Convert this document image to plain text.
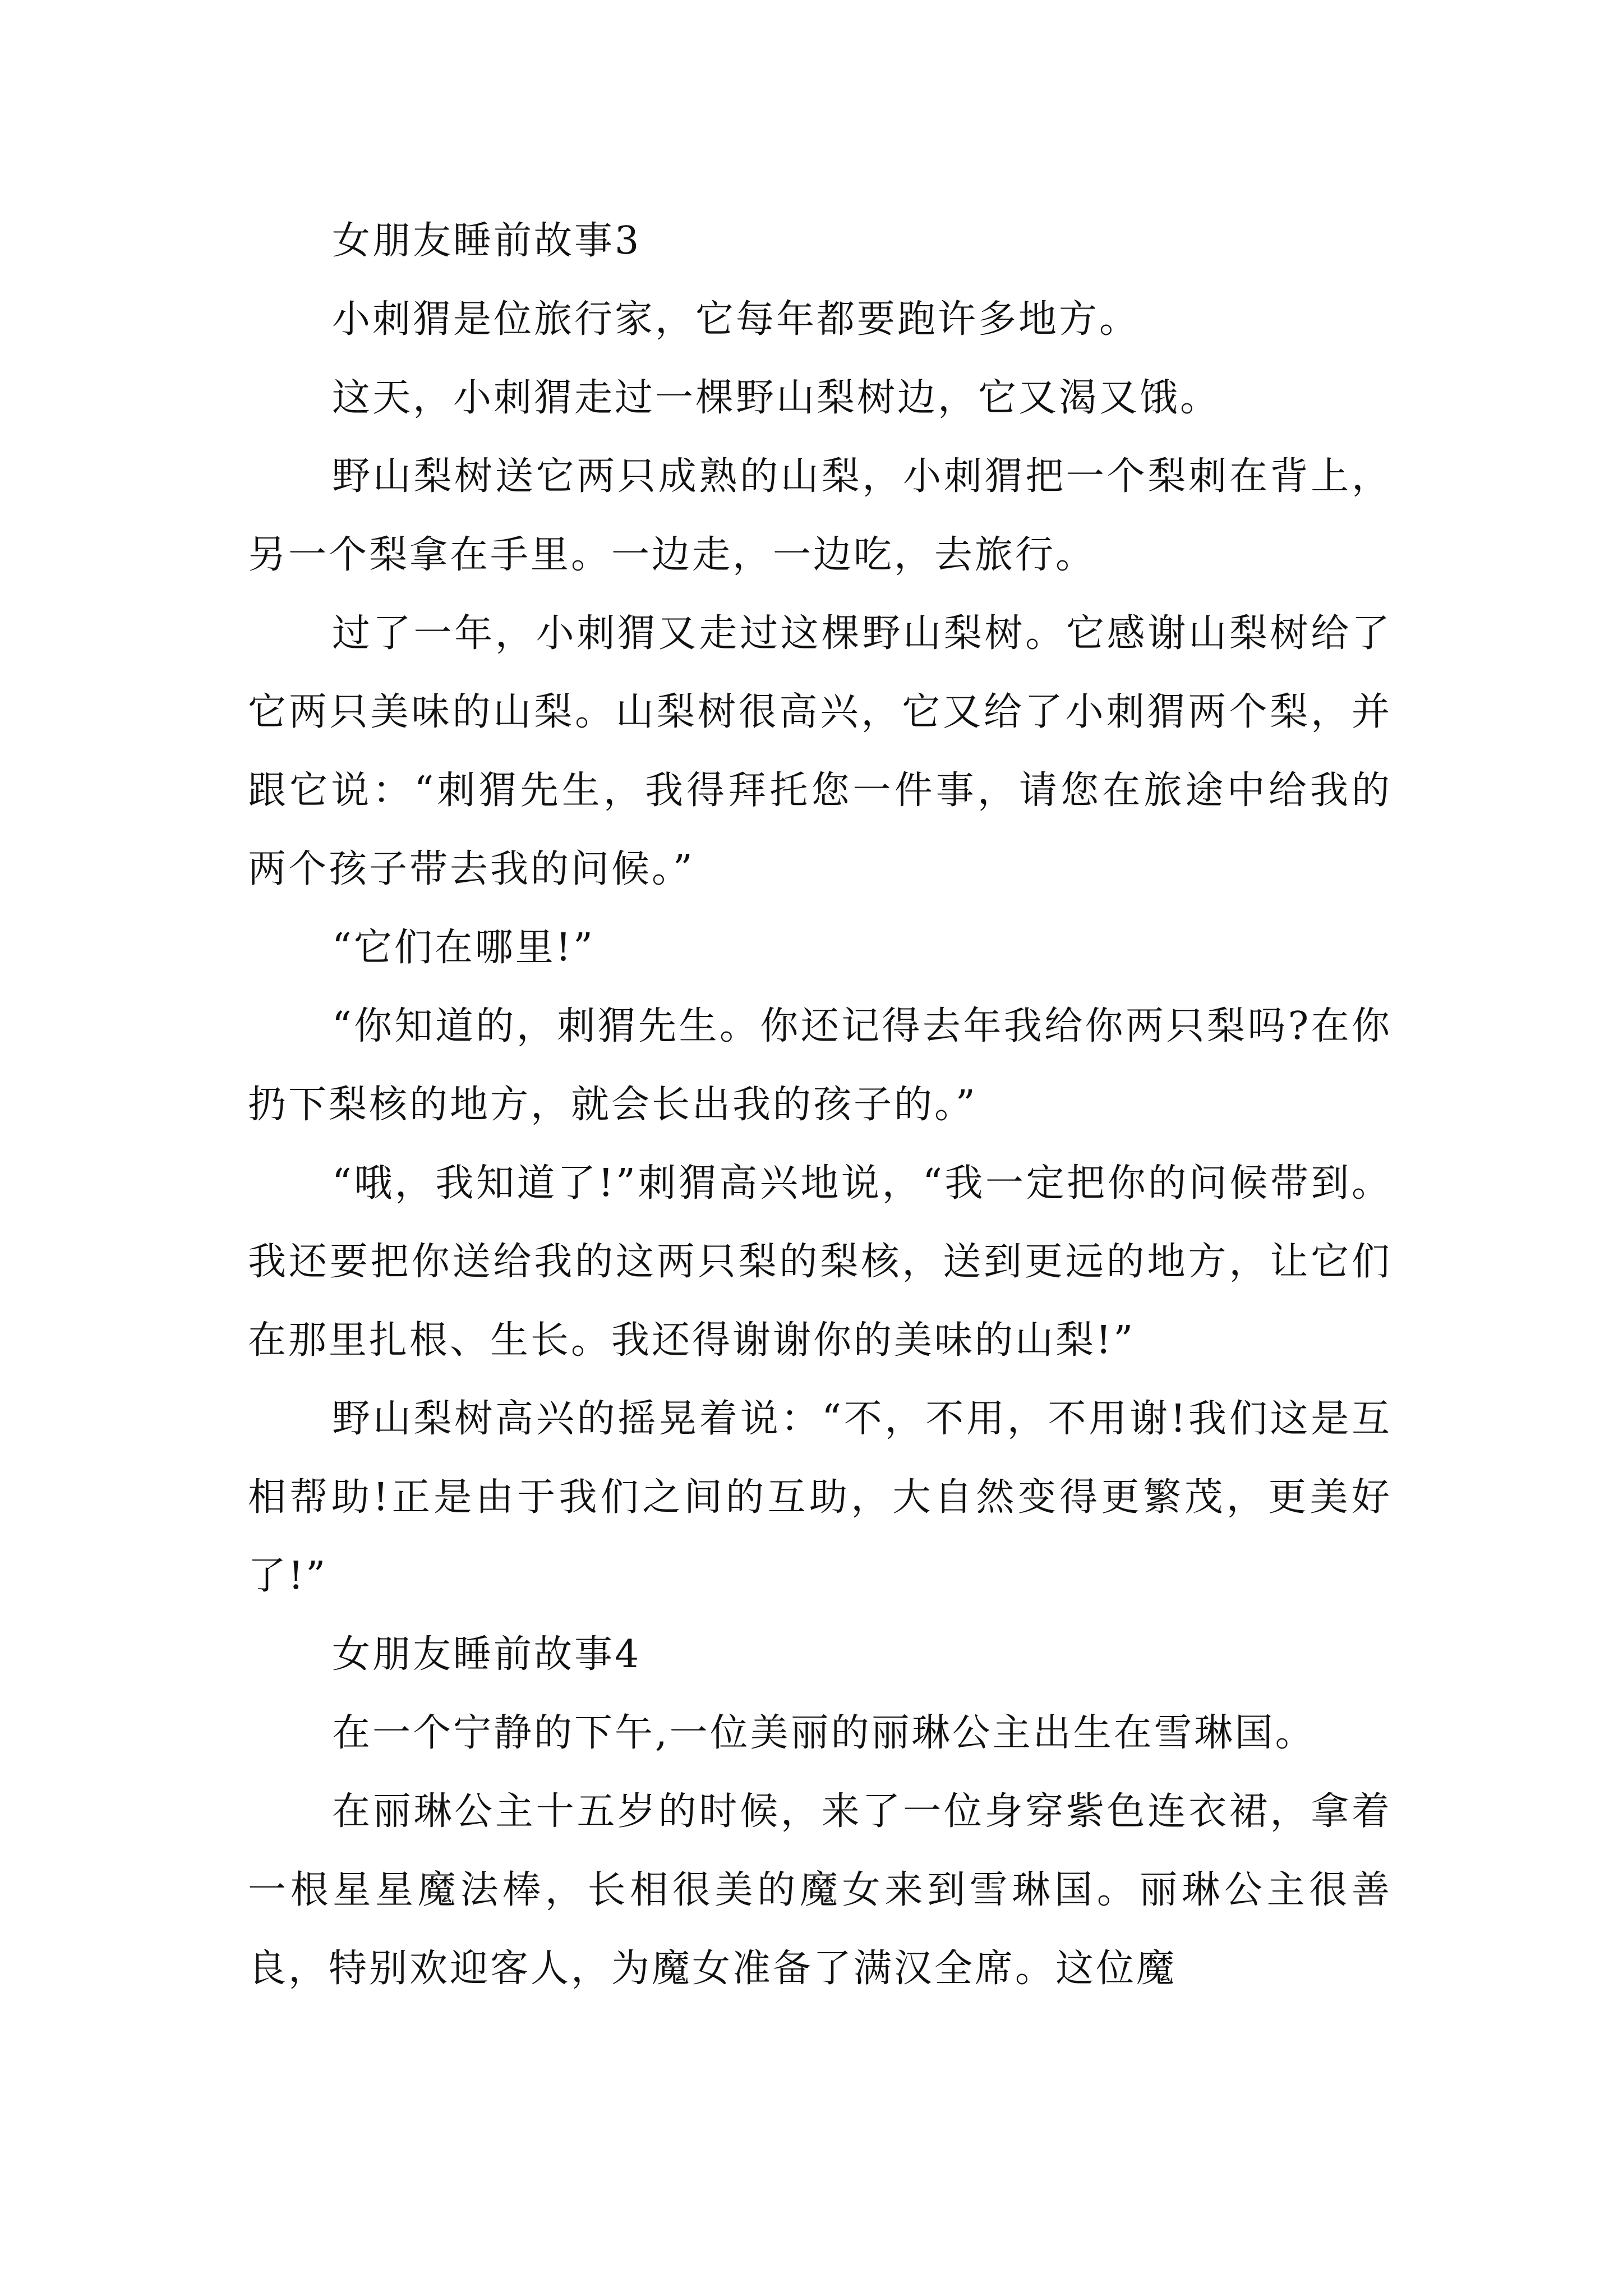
女朋友睡前故事3

小刺猬是位旅行家，它每年都要跑许多地方。

这天，小刺猬走过一棵野山梨树边，它又渴又饿。

野山梨树送它两只成熟的山梨，小刺猬把一个梨刺在背上，另一个梨拿在手里。一边走，一边吃，去旅行。

过了一年，小刺猬又走过这棵野山梨树。它感谢山梨树给了它两只美味的山梨。山梨树很高兴，它又给了小刺猬两个梨，并跟它说：“刺猬先生，我得拜托您一件事，请您在旅途中给我的两个孩子带去我的问候。”

“它们在哪里!”

“你知道的，刺猬先生。你还记得去年我给你两只梨吗?在你扔下梨核的地方，就会长出我的孩子的。”

“哦，我知道了!”刺猬高兴地说，“我一定把你的问候带到。我还要把你送给我的这两只梨的梨核，送到更远的地方，让它们在那里扎根、生长。我还得谢谢你的美味的山梨!”

野山梨树高兴的摇晃着说：“不，不用，不用谢!我们这是互相帮助!正是由于我们之间的互助，大自然变得更繁茂，更美好了!”

女朋友睡前故事4

在一个宁静的下午,一位美丽的丽琳公主出生在雪琳国。

在丽琳公主十五岁的时候，来了一位身穿紫色连衣裙，拿着一根星星魔法棒，长相很美的魔女来到雪琳国。丽琳公主很善良，特别欢迎客人，为魔女准备了满汉全席。这位魔
